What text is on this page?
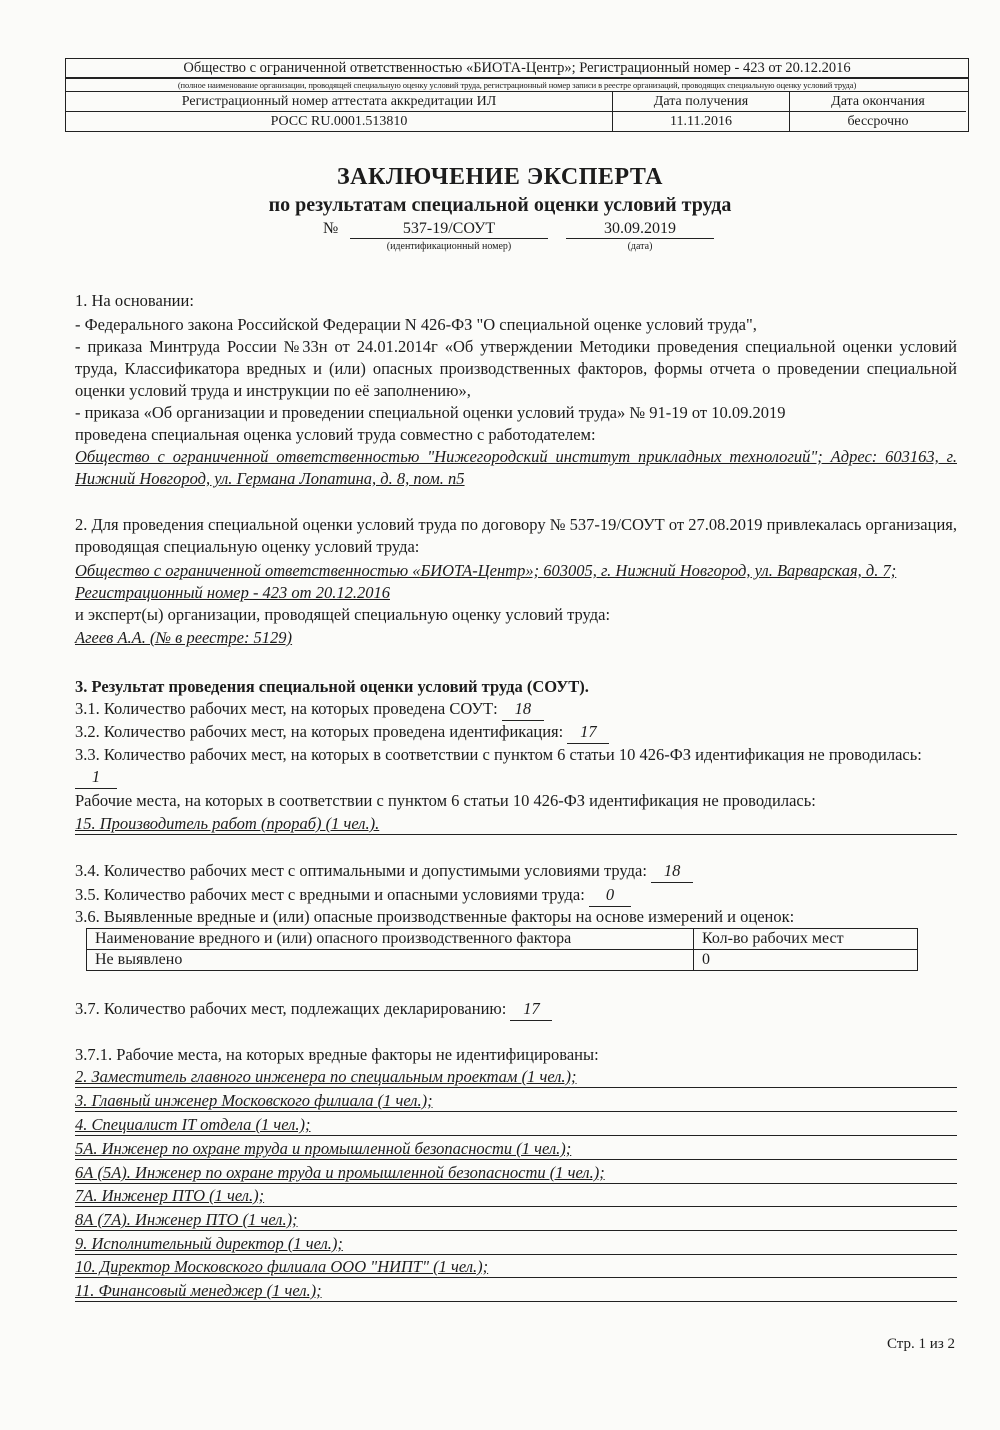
Общество с ограниченной ответственностью «БИОТА-Центр»; Регистрационный номер - 423 от 20.12.2016
(полное наименование организации, проводящей специальную оценку условий труда, регистрационный номер записи в реестре организаций, проводящих специальную оценку условий труда)
Регистрационный номер аттестата аккредитации ИЛ	Дата получения	Дата окончания
РОСС RU.0001.513810	11.11.2016	бессрочно
ЗАКЛЮЧЕНИЕ ЭКСПЕРТА
по результатам специальной оценки условий труда
№	537-19/СОУТ	30.09.2019
(идентификационный номер)	(дата)
1. На основании:
- Федерального закона Российской Федерации N 426-ФЗ "О специальной оценке условий труда",
- приказа Минтруда России №33н от 24.01.2014г «Об утверждении Методики проведения специальной оценки условий труда, Классификатора вредных и (или) опасных производственных факторов, формы отчета о проведении специальной оценки условий труда и инструкции по её заполнению»,
- приказа «Об организации и проведении специальной оценки условий труда» № 91-19 от 10.09.2019
проведена специальная оценка условий труда совместно с работодателем:
Общество с ограниченной ответственностью "Нижегородский институт прикладных технологий"; Адрес: 603163, г. Нижний Новгород, ул. Германа Лопатина, д. 8, пом. п5
2. Для проведения специальной оценки условий труда по договору № 537-19/СОУТ от 27.08.2019 привлекалась организация, проводящая специальную оценку условий труда:
Общество с ограниченной ответственностью «БИОТА-Центр»; 603005, г. Нижний Новгород, ул. Варварская, д. 7; Регистрационный номер - 423 от 20.12.2016
и эксперт(ы) организации, проводящей специальную оценку условий труда:
Агеев А.А. (№ в реестре: 5129)
3. Результат проведения специальной оценки условий труда (СОУТ).
3.1. Количество рабочих мест, на которых проведена СОУТ: 18
3.2. Количество рабочих мест, на которых проведена идентификация: 17
3.3. Количество рабочих мест, на которых в соответствии с пунктом 6 статьи 10 426-ФЗ идентификация не проводилась: 1
Рабочие места, на которых в соответствии с пунктом 6 статьи 10 426-ФЗ идентификация не проводилась:
15. Производитель работ (прораб) (1 чел.).
3.4. Количество рабочих мест с оптимальными и допустимыми условиями труда: 18
3.5. Количество рабочих мест с вредными и опасными условиями труда: 0
3.6. Выявленные вредные и (или) опасные производственные факторы на основе измерений и оценок:
Наименование вредного и (или) опасного производственного фактора	Кол-во рабочих мест
Не выявлено	0
3.7. Количество рабочих мест, подлежащих декларированию: 17
3.7.1. Рабочие места, на которых вредные факторы не идентифицированы:
2. Заместитель главного инженера по специальным проектам (1 чел.);
3. Главный инженер Московского филиала (1 чел.);
4. Специалист IT отдела (1 чел.);
5А. Инженер по охране труда и промышленной безопасности (1 чел.);
6А (5А). Инженер по охране труда и промышленной безопасности (1 чел.);
7А. Инженер ПТО (1 чел.);
8А (7А). Инженер ПТО (1 чел.);
9. Исполнительный директор (1 чел.);
10. Директор Московского филиала ООО "НИПТ" (1 чел.);
11. Финансовый менеджер (1 чел.);
Стр. 1 из 2
